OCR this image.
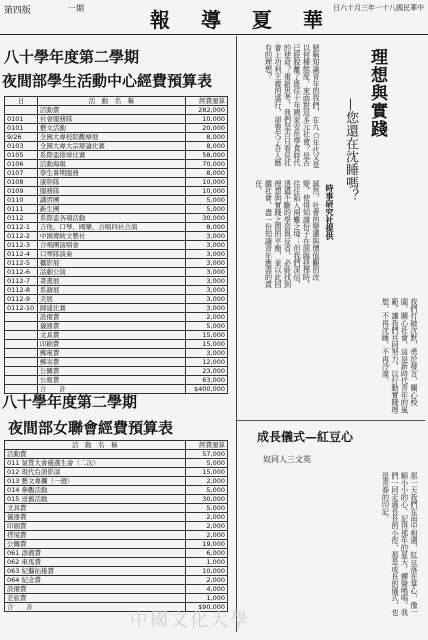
第四版	一期	報 導 夏 華
日六十月三年一十八國民華中
八十學年度第二學期
夜間部學生活動中心經費預算表
日	活　動　名　稱	經費運算
	活動費	282,000
0101	社會服務隊	10,000
0101	藝文活動	20,000
9/26	全國大專校院觀摩展	8,000
0103	全國大專大宗辯論比賽	8,000
0105	系際盃排球比賽	58,000
0106	活動海報	70,000
0107	學生暑期服務	8,000
0108	康幹隊	10,000
0109	服務隊	10,000
0110	講習團	5,000
0111	新生團	5,000
0112	系際盃各項活動	30,000
0112-1	吉他、口琴、國樂、合唱四社合演	8,000
0112-2	中國傳統文藝社	3,000
0112-3	合唱團演唱會	3,000
0112-4	口琴隊演奏	3,000
0112-5	攝影展	3,000
0112-6	話劇公演	3,000
0112-7	書畫展	3,000
0112-8	系籍展	3,000
0112-9	美展	3,000
0112-10	歸建比賽	3,000
	設備費	2,000
	儀器費	5,000
	文具費	15,000
	印刷費	15,000
	郵電費	3,000
	郵寄費	12,000
	公關費	23,000
	公報費	63,000
	合　　計	$400,000
八十學年度第二學期
夜間部女聯會經費預算表
活　動　名　稱	經費運算
活動費	57,000
011 氣質大會優選生會（二次）	5,000
012 現代台語影談	15,000
013 藝文專欄（一週）	2,000
014 參觀活動	5,000
015 送舊活動	30,000
文具費	5,000
儀器費	2,000
印刷費	2,000
捋境費	2,000
公關費	19,000
061 添備費	6,000
062 車馬費	1,000
063 紀攜拓捲費	10,000
064 紀念費	2,000
設備費	4,000
差旅費	1,000
合　　計	$90,000
理想與實踐
—您還在沈睡嗎？
時事研究社提供
號稱知識青年的我們，在九○年代又是以何種態度，來面對這多元社會？是否已經脫離了既往十年國家安危學責時代的使命？重新思考，我們是否只看見社會上功利主義的盛行，卻喪失了吾人應有的理想？
誠然，社會的變遷與價值觀的改變，使得知識份子在面臨抉擇時，往往陷入兩難之境；但我們深信，透過不斷的學習與反省，必能找到理想與實踐之間的平衡，並以此回饋社會，盡一份知識青年應盡的責任。
我們打破沈默，勇於發言，關心校園，關心社會，這是新時代青年的風範。讓我們共同努力，以行動實踐理想，不再沈睡，不再冷漠。
成長儀式—紅豆心
奴同人三文英
那一天我們在雨中相遇，紅豆落在掌心，像一顆小小的心，記得那年的夏天，蟬聲鳴唱，我們一同走過長長的小徑，那是成長的儀式，也是青春的印記。
中國文化大學
